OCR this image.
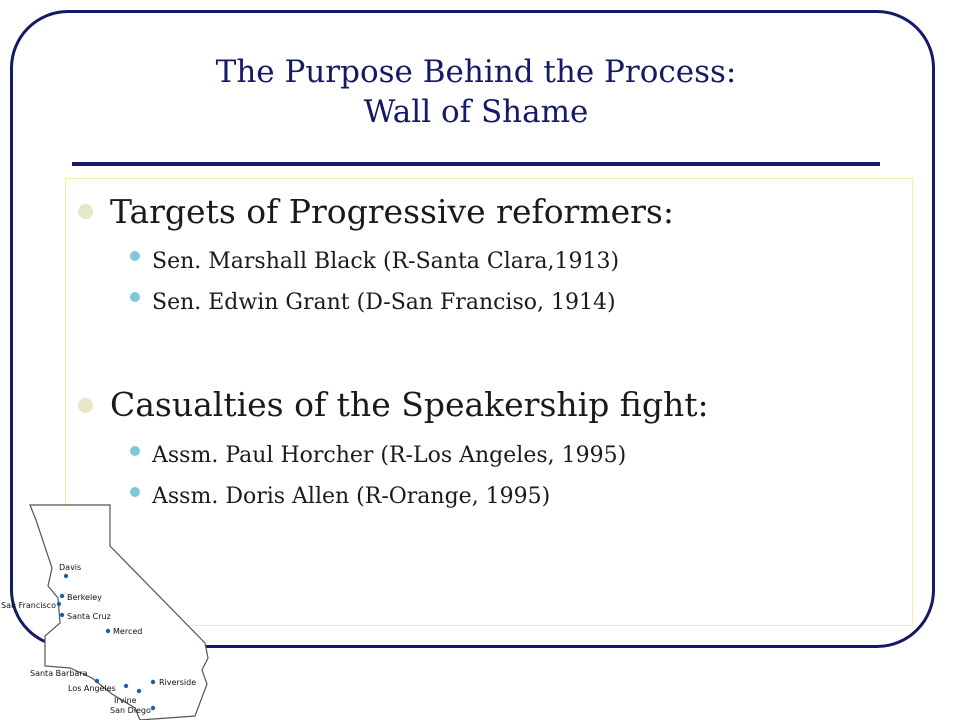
The Purpose Behind the Process:
Wall of Shame
Targets of Progressive reformers:
Sen. Marshall Black (R-Santa Clara,1913)
Sen. Edwin Grant (D-San Franciso, 1914)
Casualties of the Speakership fight:
Assm. Paul Horcher (R-Los Angeles, 1995)
Assm. Doris Allen (R-Orange, 1995)
Davis
Berkeley
San Francisco
Santa Cruz
Merced
Santa Barbara
Riverside
Los Angeles
Irvine
San Diego
